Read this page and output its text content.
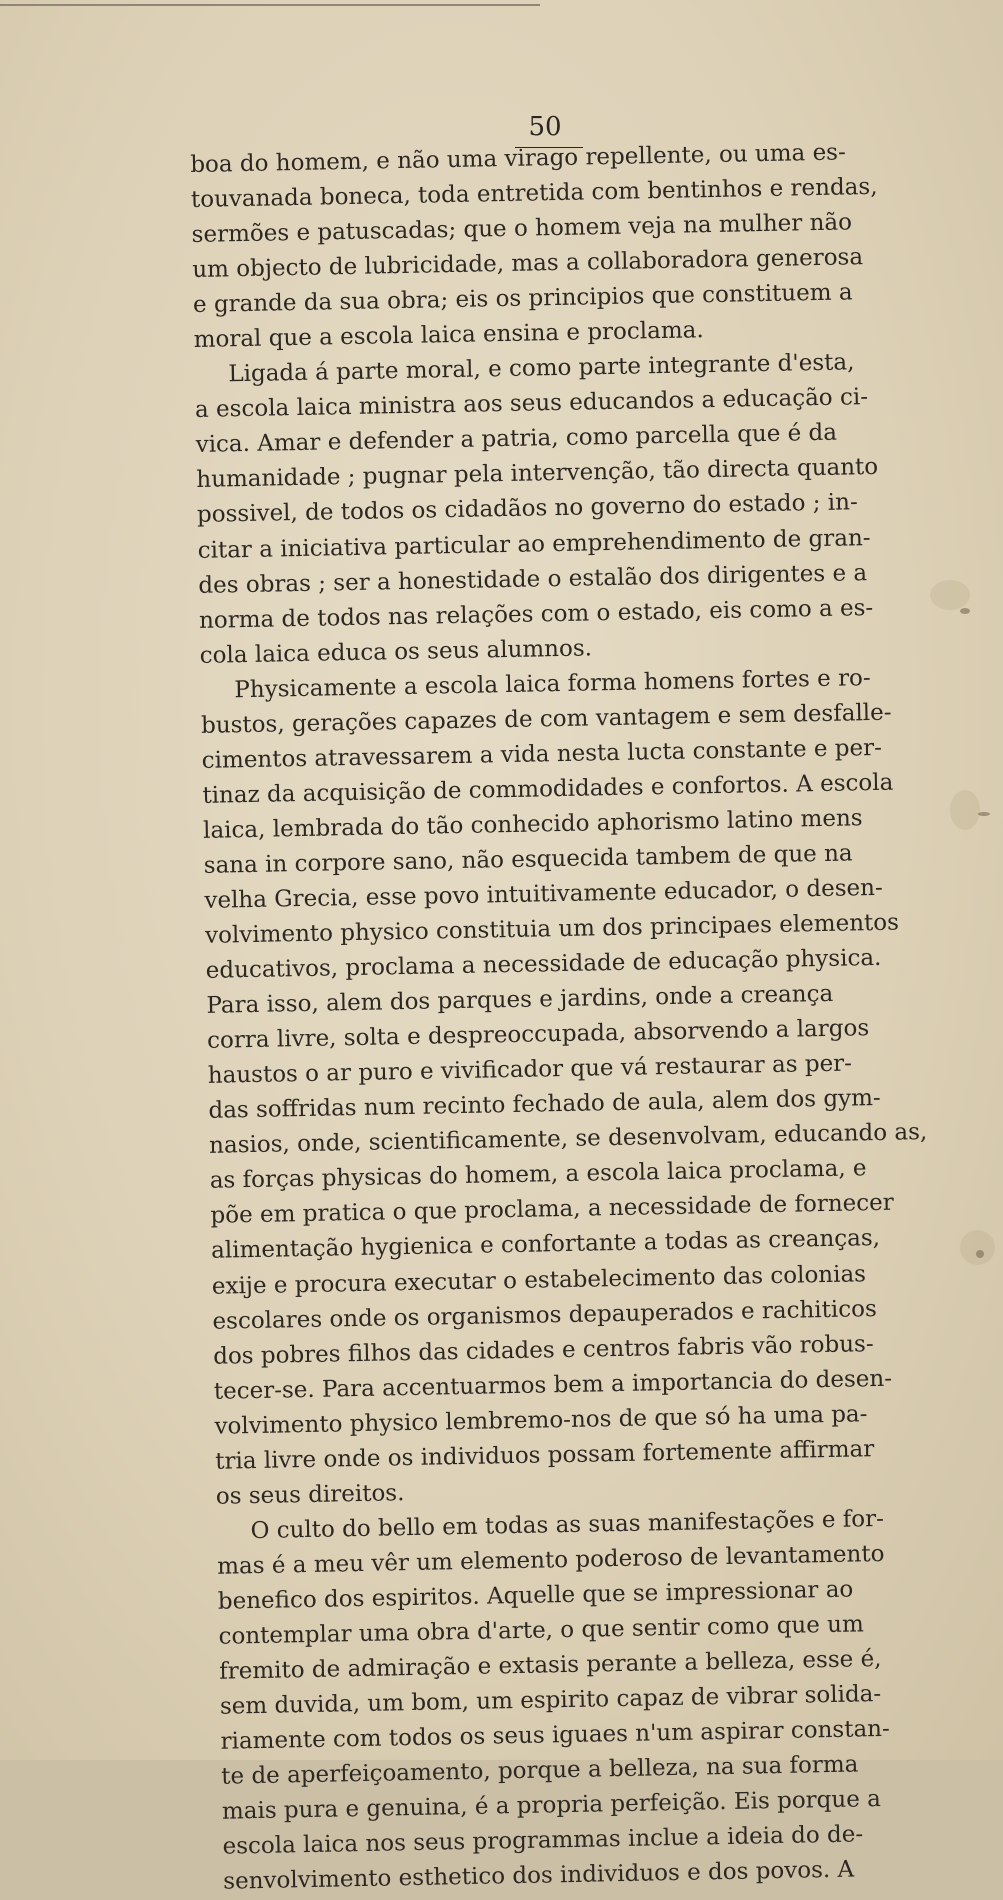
50
boa do homem, e não uma virago repellente, ou uma es-
touvanada boneca, toda entretida com bentinhos e rendas,
sermões e patuscadas; que o homem veja na mulher não
um objecto de lubricidade, mas a collaboradora generosa
e grande da sua obra; eis os principios que constituem a
moral que a escola laica ensina e proclama.
Ligada á parte moral, e como parte integrante d'esta,
a escola laica ministra aos seus educandos a educação ci-
vica. Amar e defender a patria, como parcella que é da
humanidade ; pugnar pela intervenção, tão directa quanto
possivel, de todos os cidadãos no governo do estado ; in-
citar a iniciativa particular ao emprehendimento de gran-
des obras ; ser a honestidade o estalão dos dirigentes e a
norma de todos nas relações com o estado, eis como a es-
cola laica educa os seus alumnos.
Physicamente a escola laica forma homens fortes e ro-
bustos, gerações capazes de com vantagem e sem desfalle-
cimentos atravessarem a vida nesta lucta constante e per-
tinaz da acquisição de commodidades e confortos. A escola
laica, lembrada do tão conhecido aphorismo latino mens
sana in corpore sano, não esquecida tambem de que na
velha Grecia, esse povo intuitivamente educador, o desen-
volvimento physico constituia um dos principaes elementos
educativos, proclama a necessidade de educação physica.
Para isso, alem dos parques e jardins, onde a creança
corra livre, solta e despreoccupada, absorvendo a largos
haustos o ar puro e vivificador que vá restaurar as per-
das soffridas num recinto fechado de aula, alem dos gym-
nasios, onde, scientificamente, se desenvolvam, educando as,
as forças physicas do homem, a escola laica proclama, e
põe em pratica o que proclama, a necessidade de fornecer
alimentação hygienica e confortante a todas as creanças,
exije e procura executar o estabelecimento das colonias
escolares onde os organismos depauperados e rachiticos
dos pobres filhos das cidades e centros fabris vão robus-
tecer-se. Para accentuarmos bem a importancia do desen-
volvimento physico lembremo-nos de que só ha uma pa-
tria livre onde os individuos possam fortemente affirmar
os seus direitos.
O culto do bello em todas as suas manifestações e for-
mas é a meu vêr um elemento poderoso de levantamento
benefico dos espiritos. Aquelle que se impressionar ao
contemplar uma obra d'arte, o que sentir como que um
fremito de admiração e extasis perante a belleza, esse é,
sem duvida, um bom, um espirito capaz de vibrar solida-
riamente com todos os seus iguaes n'um aspirar constan-
te de aperfeiçoamento, porque a belleza, na sua forma
mais pura e genuina, é a propria perfeição. Eis porque a
escola laica nos seus programmas inclue a ideia do de-
senvolvimento esthetico dos individuos e dos povos. A
